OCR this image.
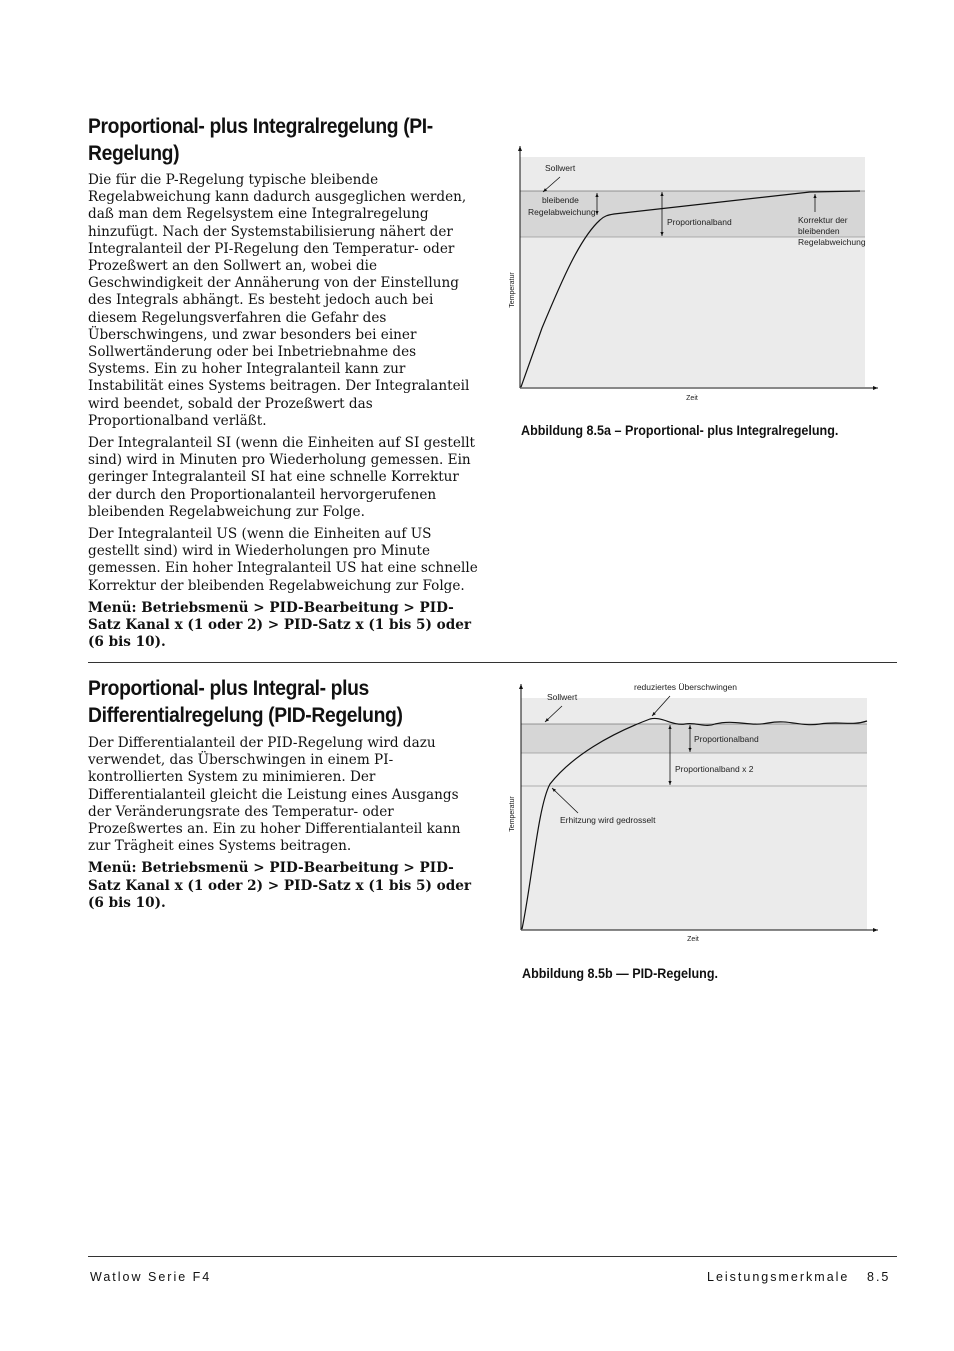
Proportional- plus Integralregelung (PI-Regelung)

Die für die P-Regelung typische bleibende Regelabweichung kann dadurch ausgeglichen werden, daß man dem Regelsystem eine Integralregelung hinzufügt. Nach der Systemstabilisierung nähert der Integralanteil der PI-Regelung den Temperatur- oder Prozeßwert an den Sollwert an, wobei die Geschwindigkeit der Annäherung von der Einstellung des Integrals abhängt. Es besteht jedoch auch bei diesem Regelungsverfahren die Gefahr des Überschwingens, und zwar besonders bei einer Sollwertänderung oder bei Inbetriebnahme des Systems. Ein zu hoher Integralanteil kann zur Instabilität eines Systems beitragen. Der Integralanteil wird beendet, sobald der Prozeßwert das Proportionalband verläßt.

Der Integralanteil SI (wenn die Einheiten auf SI gestellt sind) wird in Minuten pro Wiederholung gemessen. Ein geringer Integralanteil SI hat eine schnelle Korrektur der durch den Proportionalanteil hervorgerufenen bleibenden Regelabweichung zur Folge.

Der Integralanteil US (wenn die Einheiten auf US gestellt sind) wird in Wiederholungen pro Minute gemessen. Ein hoher Integralanteil US hat eine schnelle Korrektur der bleibenden Regelabweichung zur Folge.

Menü: Betriebsmenü > PID-Bearbeitung > PID-Satz Kanal x (1 oder 2) > PID-Satz x (1 bis 5) oder (6 bis 10).

Sollwert
bleibende
Regelabweichung
Proportionalband	Korrektur der
bleibenden
Regelabweichung
Temperatur
Zeit
Abbildung 8.5a – Proportional- plus Integralregelung.
Proportional- plus Integral- plus Differentialregelung (PID-Regelung)

Der Differentialanteil der PID-Regelung wird dazu verwendet, das Überschwingen in einem PI-kontrollierten System zu minimieren. Der Differentialanteil gleicht die Leistung eines Ausgangs der Veränderungsrate des Temperatur- oder Prozeßwertes an. Ein zu hoher Differentialanteil kann zur Trägheit eines Systems beitragen.

Menü: Betriebsmenü > PID-Bearbeitung > PID-Satz Kanal x (1 oder 2) > PID-Satz x (1 bis 5) oder (6 bis 10).

reduziertes Überschwingen
Sollwert
Proportionalband
Proportionalband x 2
Erhitzung wird gedrosselt
Temperatur
Zeit
Abbildung 8.5b — PID-Regelung.
Watlow Serie F4	Leistungsmerkmale 8.5
